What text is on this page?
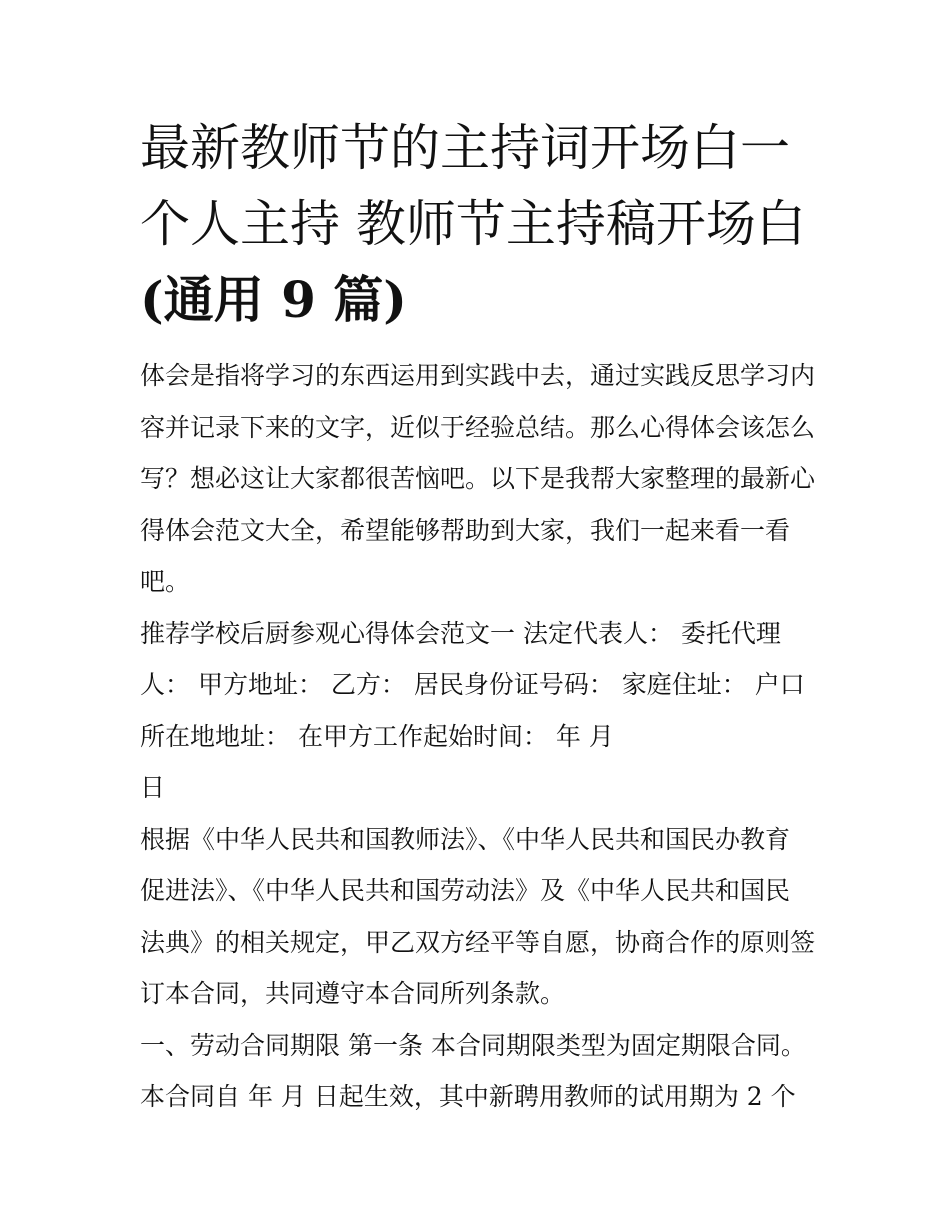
最新教师节的主持词开场白一
个人主持 教师节主持稿开场白
(通用 9 篇)

体会是指将学习的东西运用到实践中去，通过实践反思学习内
容并记录下来的文字，近似于经验总结。那么心得体会该怎么
写？想必这让大家都很苦恼吧。以下是我帮大家整理的最新心
得体会范文大全，希望能够帮助到大家，我们一起来看一看
吧。

推荐学校后厨参观心得体会范文一 法定代表人： 委托代理
人： 甲方地址： 乙方： 居民身份证号码： 家庭住址： 户口
所在地地址： 在甲方工作起始时间： 年 月
日

根据《中华人民共和国教师法》、《中华人民共和国民办教育
促进法》、《中华人民共和国劳动法》及《中华人民共和国民
法典》的相关规定，甲乙双方经平等自愿，协商合作的原则签
订本合同，共同遵守本合同所列条款。

一、劳动合同期限 第一条 本合同期限类型为固定期限合同。
本合同自 年 月 日起生效，其中新聘用教师的试用期为 2 个
